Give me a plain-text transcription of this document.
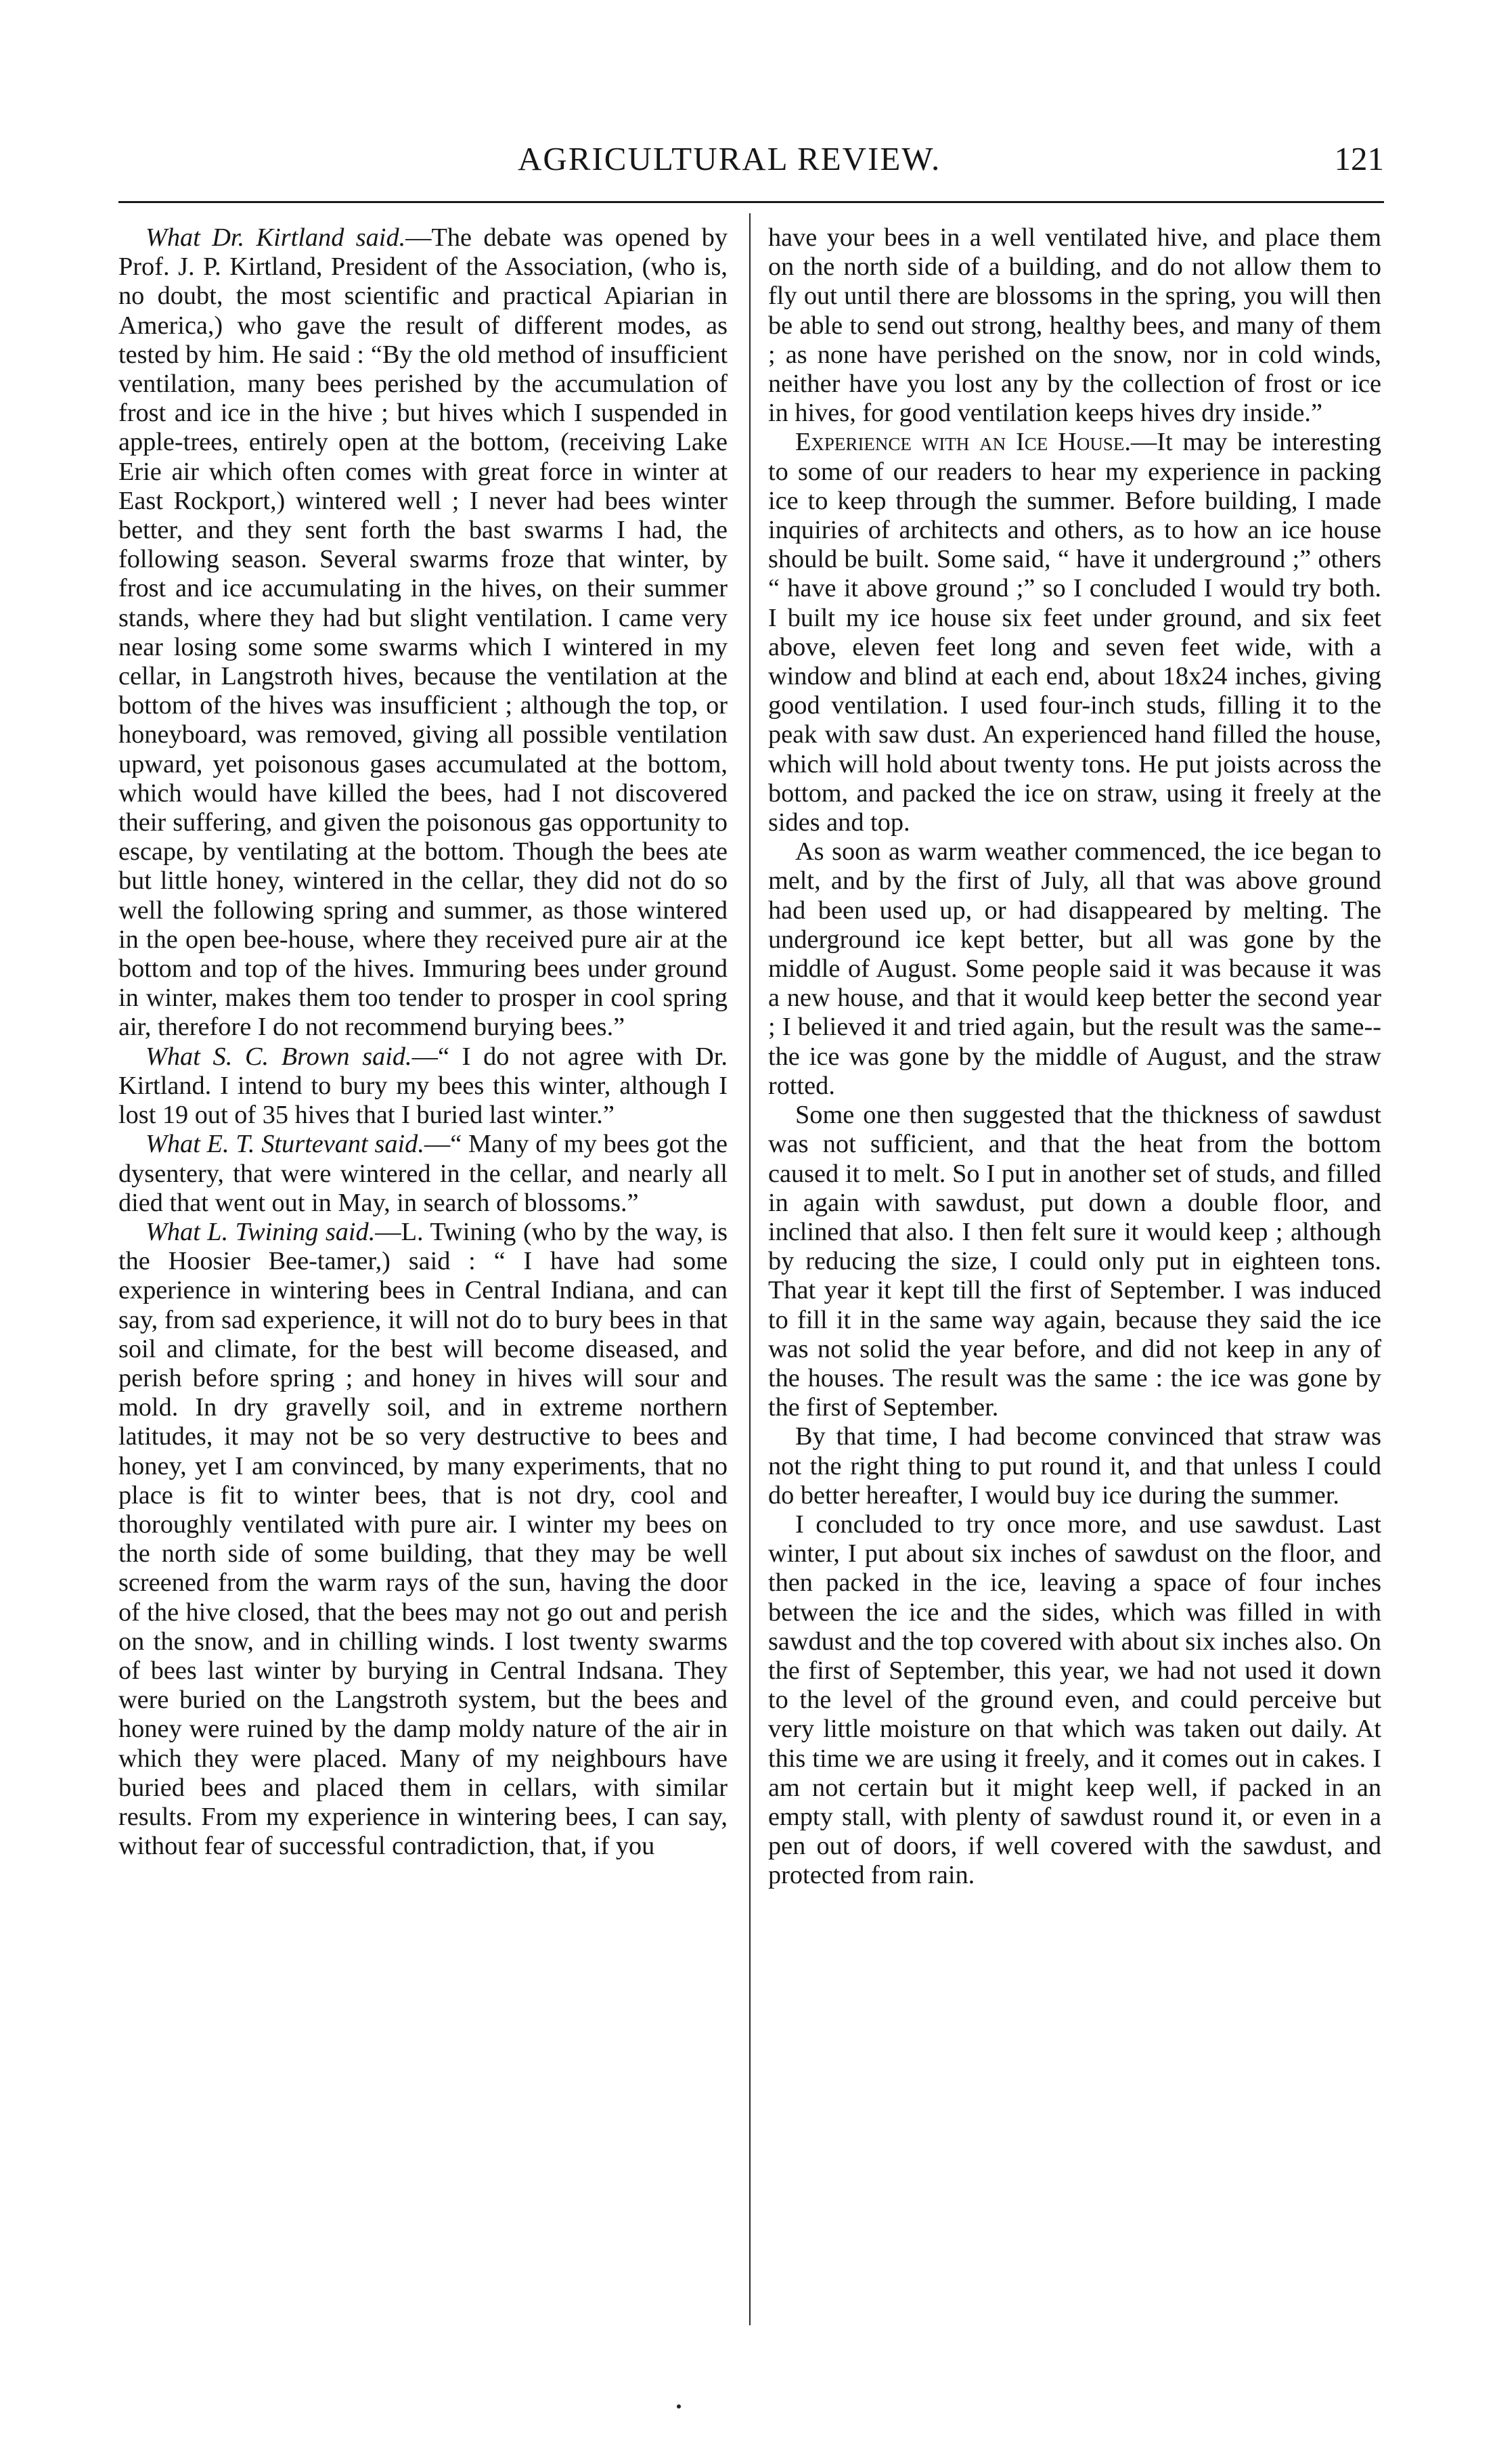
AGRICULTURAL REVIEW.	121

What Dr. Kirtland said.—The debate was opened by Prof. J. P. Kirtland, President of the Association, (who is, no doubt, the most scientific and practical Apiarian in America,) who gave the result of different modes, as tested by him. He said : “By the old method of insufficient ventilation, many bees perished by the accumulation of frost and ice in the hive ; but hives which I suspended in apple-trees, entirely open at the bottom, (receiving Lake Erie air which often comes with great force in winter at East Rockport,) wintered well ; I never had bees winter better, and they sent forth the bast swarms I had, the following season. Several swarms froze that winter, by frost and ice accumulating in the hives, on their summer stands, where they had but slight ventilation. I came very near losing some some swarms which I wintered in my cellar, in Langstroth hives, because the ventilation at the bottom of the hives was insufficient ; although the top, or honeyboard, was removed, giving all possible ventilation upward, yet poisonous gases accumulated at the bottom, which would have killed the bees, had I not discovered their suffering, and given the poisonous gas opportunity to escape, by ventilating at the bottom. Though the bees ate but little honey, wintered in the cellar, they did not do so well the following spring and summer, as those wintered in the open bee-house, where they received pure air at the bottom and top of the hives. Immuring bees under ground in winter, makes them too tender to prosper in cool spring air, therefore I do not recommend burying bees.”

What S. C. Brown said.—“ I do not agree with Dr. Kirtland. I intend to bury my bees this winter, although I lost 19 out of 35 hives that I buried last winter.”

What E. T. Sturtevant said.—“ Many of my bees got the dysentery, that were wintered in the cellar, and nearly all died that went out in May, in search of blossoms.”

What L. Twining said.—L. Twining (who by the way, is the Hoosier Bee-tamer,) said : “ I have had some experience in wintering bees in Central Indiana, and can say, from sad experience, it will not do to bury bees in that soil and climate, for the best will become diseased, and perish before spring ; and honey in hives will sour and mold. In dry gravelly soil, and in extreme northern latitudes, it may not be so very destructive to bees and honey, yet I am convinced, by many experiments, that no place is fit to winter bees, that is not dry, cool and thoroughly ventilated with pure air. I winter my bees on the north side of some building, that they may be well screened from the warm rays of the sun, having the door of the hive closed, that the bees may not go out and perish on the snow, and in chilling winds. I lost twenty swarms of bees last winter by burying in Central Indsana. They were buried on the Langstroth system, but the bees and honey were ruined by the damp moldy nature of the air in which they were placed. Many of my neighbours have buried bees and placed them in cellars, with similar results. From my experience in wintering bees, I can say, without fear of successful contradiction, that, if you

have your bees in a well ventilated hive, and place them on the north side of a building, and do not allow them to fly out until there are blossoms in the spring, you will then be able to send out strong, healthy bees, and many of them ; as none have perished on the snow, nor in cold winds, neither have you lost any by the collection of frost or ice in hives, for good ventilation keeps hives dry inside.”

Experience with an Ice House.—It may be interesting to some of our readers to hear my experience in packing ice to keep through the summer. Before building, I made inquiries of architects and others, as to how an ice house should be built. Some said, “ have it underground ;” others “ have it above ground ;” so I concluded I would try both. I built my ice house six feet under ground, and six feet above, eleven feet long and seven feet wide, with a window and blind at each end, about 18x24 inches, giving good ventilation. I used four-inch studs, filling it to the peak with saw dust. An experienced hand filled the house, which will hold about twenty tons. He put joists across the bottom, and packed the ice on straw, using it freely at the sides and top.

As soon as warm weather commenced, the ice began to melt, and by the first of July, all that was above ground had been used up, or had disappeared by melting. The underground ice kept better, but all was gone by the middle of August. Some people said it was because it was a new house, and that it would keep better the second year ; I believed it and tried again, but the result was the same--the ice was gone by the middle of August, and the straw rotted.

Some one then suggested that the thickness of sawdust was not sufficient, and that the heat from the bottom caused it to melt. So I put in another set of studs, and filled in again with sawdust, put down a double floor, and inclined that also. I then felt sure it would keep ; although by reducing the size, I could only put in eighteen tons. That year it kept till the first of September. I was induced to fill it in the same way again, because they said the ice was not solid the year before, and did not keep in any of the houses. The result was the same : the ice was gone by the first of September.

By that time, I had become convinced that straw was not the right thing to put round it, and that unless I could do better hereafter, I would buy ice during the summer.

I concluded to try once more, and use sawdust. Last winter, I put about six inches of sawdust on the floor, and then packed in the ice, leaving a space of four inches between the ice and the sides, which was filled in with sawdust and the top covered with about six inches also. On the first of September, this year, we had not used it down to the level of the ground even, and could perceive but very little moisture on that which was taken out daily. At this time we are using it freely, and it comes out in cakes. I am not certain but it might keep well, if packed in an empty stall, with plenty of sawdust round it, or even in a pen out of doors, if well covered with the sawdust, and protected from rain.
